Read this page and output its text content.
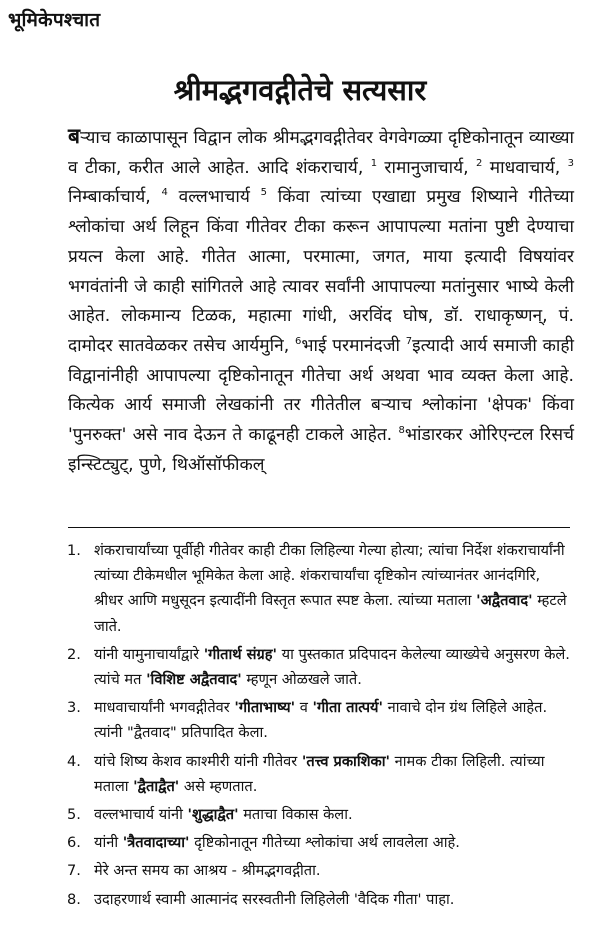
भूमिकेपश्चात
श्रीमद्भगवद्गीतेचे सत्यसार
बऱ्याच काळापासून विद्वान लोक श्रीमद्भगवद्गीतेवर वेगवेगळ्या दृष्टिकोनातून व्याख्या व टीका, करीत आले आहेत. आदि शंकराचार्य, $^1$ रामानुजाचार्य, $^2$ माधवाचार्य, $^3$ निम्बार्काचार्य, $^4$ वल्लभाचार्य $^5$ किंवा त्यांच्या एखाद्या प्रमुख शिष्याने गीतेच्या श्लोकांचा अर्थ लिहून किंवा गीतेवर टीका करून आपापल्या मतांना पुष्टी देण्याचा प्रयत्न केला आहे. गीतेत आत्मा, परमात्मा, जगत, माया इत्यादी विषयांवर भगवंतांनी जे काही सांगितले आहे त्यावर सर्वांनी आपापल्या मतांनुसार भाष्ये केली आहेत. लोकमान्य टिळक, महात्मा गांधी, अरविंद घोष, डॉ. राधाकृष्णन्, पं. दामोदर सातवेळकर तसेच आर्यमुनि, $^6$भाई परमानंदजी $^7$इत्यादी आर्य समाजी काही विद्वानांनीही आपापल्या दृष्टिकोनातून गीतेचा अर्थ अथवा भाव व्यक्त केला आहे. कित्येक आर्य समाजी लेखकांनी तर गीतेतील बऱ्याच श्लोकांना 'क्षेपक' किंवा 'पुनरुक्त' असे नाव देऊन ते काढूनही टाकले आहेत. $^8$भांडारकर ओरिएन्टल रिसर्च इन्स्टिट्युट्, पुणे, थिऑसॉफीकल्
1. शंकराचार्यांच्या पूर्वीही गीतेवर काही टीका लिहिल्या गेल्या होत्या; त्यांचा निर्देश शंकराचार्यांनी त्यांच्या टीकेमधील भूमिकेत केला आहे. शंकराचार्यांचा दृष्टिकोन त्यांच्यानंतर आनंदगिरि, श्रीधर आणि मधुसूदन इत्यादींनी विस्तृत रूपात स्पष्ट केला. त्यांच्या मताला 'अद्वैतवाद' म्हटले जाते.
2. यांनी यामुनाचार्यांद्वारे 'गीतार्थ संग्रह' या पुस्तकात प्रदिपादन केलेल्या व्याख्येचे अनुसरण केले. त्यांचे मत 'विशिष्ट अद्वैतवाद' म्हणून ओळखले जाते.
3. माधवाचार्यांनी भगवद्गीतेवर 'गीताभाष्य' व 'गीता तात्पर्य' नावाचे दोन ग्रंथ लिहिले आहेत. त्यांनी "द्वैतवाद" प्रतिपादित केला.
4. यांचे शिष्य केशव काश्मीरी यांनी गीतेवर 'तत्त्व प्रकाशिका' नामक टीका लिहिली. त्यांच्या मताला 'द्वैताद्वैत' असे म्हणतात.
5. वल्लभाचार्य यांनी 'शुद्धाद्वैत' मताचा विकास केला.
6. यांनी 'त्रैतवादाच्या' दृष्टिकोनातून गीतेच्या श्लोकांचा अर्थ लावलेला आहे.
7. मेरे अन्त समय का आश्रय - श्रीमद्भगवद्गीता.
8. उदाहरणार्थ स्वामी आत्मानंद सरस्वतीनी लिहिलेली 'वैदिक गीता' पाहा.
